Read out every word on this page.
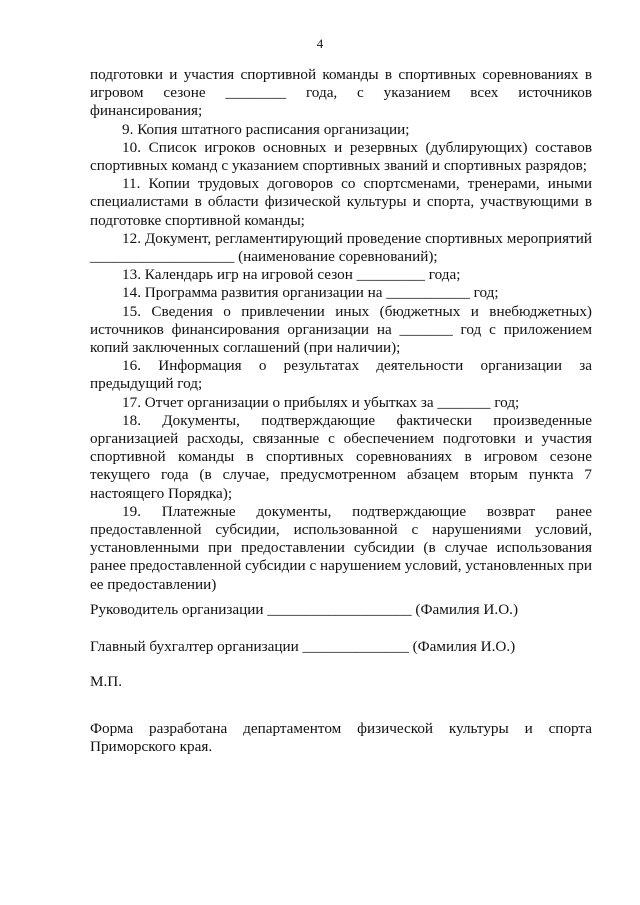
4

подготовки и участия спортивной команды в спортивных соревнованиях в игровом сезоне ________ года, с указанием всех источников финансирования;

9. Копия штатного расписания организации;

10. Список игроков основных и резервных (дублирующих) составов спортивных команд с указанием спортивных званий и спортивных разрядов;

11. Копии трудовых договоров со спортсменами, тренерами, иными специалистами в области физической культуры и спорта, участвующими в подготовке спортивной команды;

12. Документ, регламентирующий проведение спортивных мероприятий ___________________ (наименование соревнований);

13. Календарь игр на игровой сезон _________ года;

14. Программа развития организации на ___________ год;

15. Сведения о привлечении иных (бюджетных и внебюджетных) источников финансирования организации на _______ год с приложением копий заключенных соглашений (при наличии);

16. Информация о результатах деятельности организации за предыдущий год;

17. Отчет организации о прибылях и убытках за _______ год;

18. Документы, подтверждающие фактически произведенные организацией расходы, связанные с обеспечением подготовки и участия спортивной команды в спортивных соревнованиях в игровом сезоне текущего года (в случае, предусмотренном абзацем вторым пункта 7 настоящего Порядка);

19. Платежные документы, подтверждающие возврат ранее предоставленной субсидии, использованной с нарушениями условий, установленными при предоставлении субсидии (в случае использования ранее предоставленной субсидии с нарушением условий, установленных при ее предоставлении)

Руководитель организации ___________________ (Фамилия И.О.)

Главный бухгалтер организации ______________ (Фамилия И.О.)

М.П.

Форма разработана департаментом физической культуры и спорта Приморского края.
